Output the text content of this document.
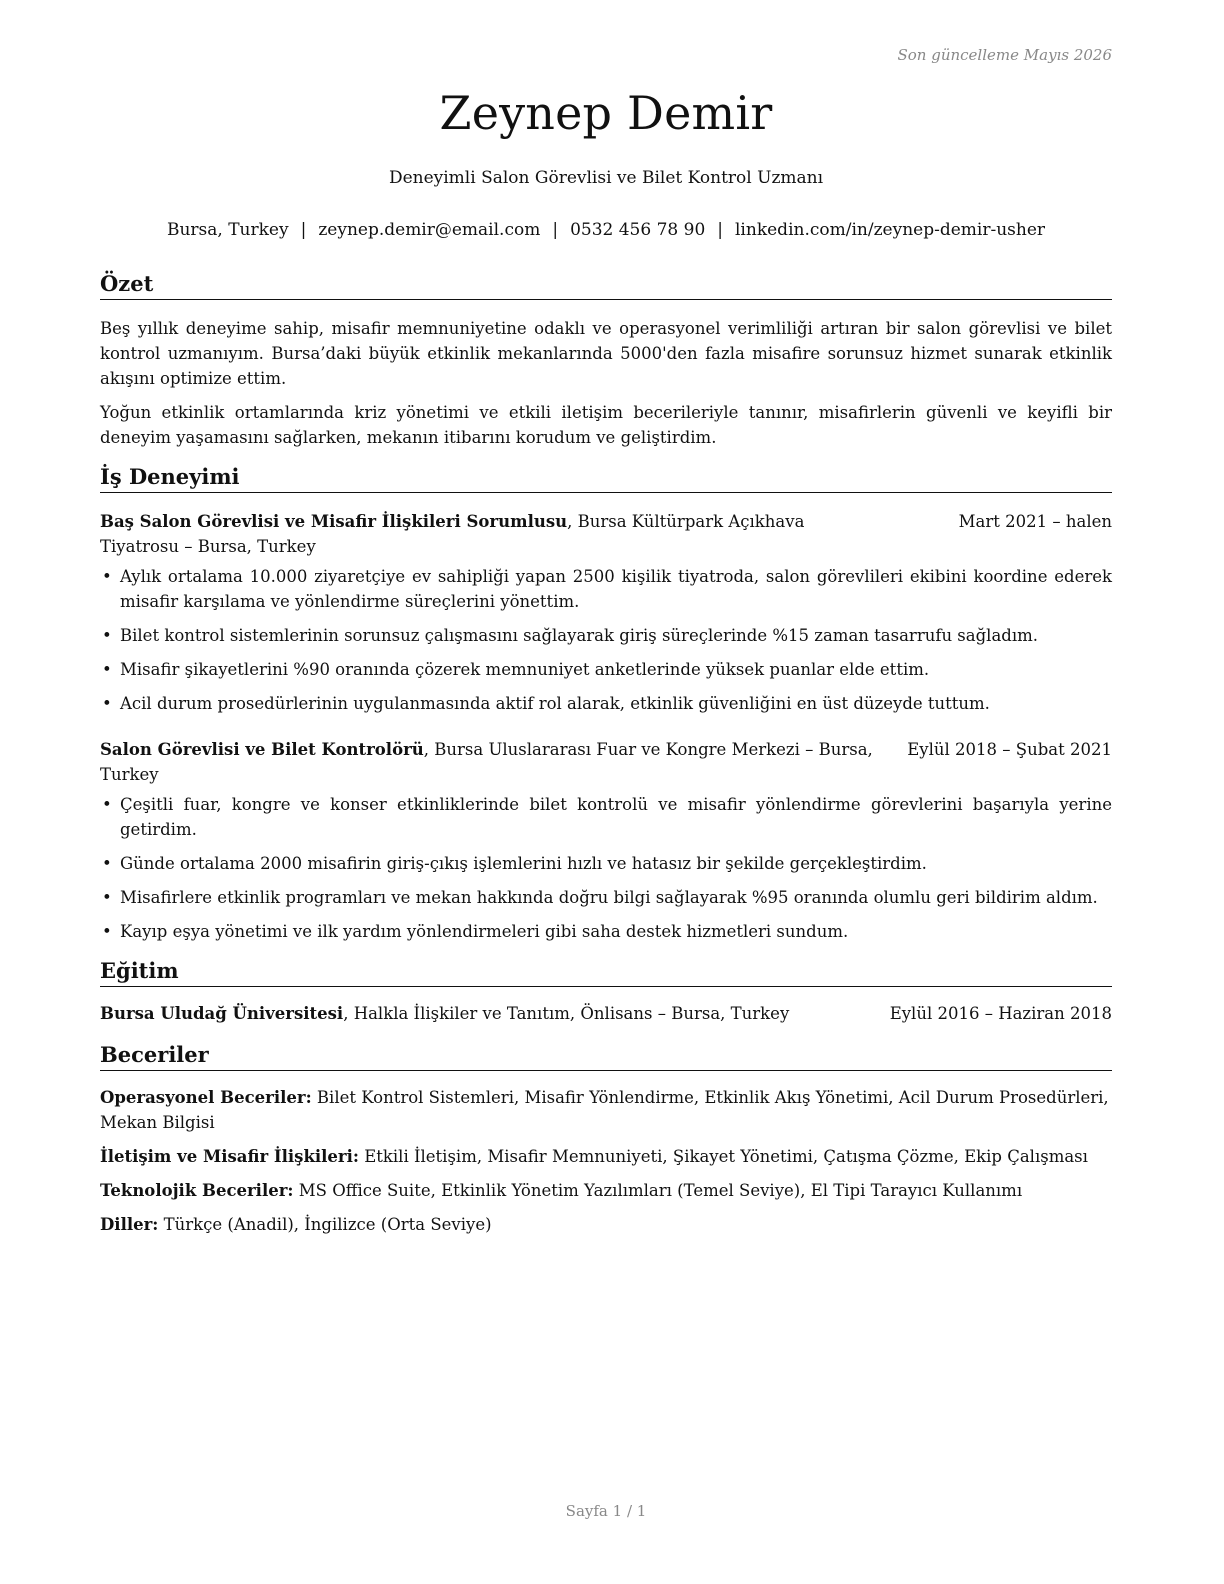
Son güncelleme Mayıs 2026
Zeynep Demir
Deneyimli Salon Görevlisi ve Bilet Kontrol Uzmanı
Bursa, Turkey | zeynep.demir@email.com | 0532 456 78 90 | linkedin.com/in/zeynep-demir-usher
Özet

Beş yıllık deneyime sahip, misafir memnuniyetine odaklı ve operasyonel verimliliği artıran bir salon görevlisi ve bilet kontrol uzmanıyım. Bursa’daki büyük etkinlik mekanlarında 5000'den fazla misafire sorunsuz hizmet sunarak etkinlik akışını optimize ettim.

Yoğun etkinlik ortamlarında kriz yönetimi ve etkili iletişim becerileriyle tanınır, misafirlerin güvenli ve keyifli bir deneyim yaşamasını sağlarken, mekanın itibarını korudum ve geliştirdim.

İş Deneyimi
Baş Salon Görevlisi ve Misafir İlişkileri Sorumlusu, Bursa Kültürpark Açıkhava Tiyatrosu – Bursa, Turkey
Mart 2021 – halen
• Aylık ortalama 10.000 ziyaretçiye ev sahipliği yapan 2500 kişilik tiyatroda, salon görevlileri ekibini koordine ederek misafir karşılama ve yönlendirme süreçlerini yönettim.
• Bilet kontrol sistemlerinin sorunsuz çalışmasını sağlayarak giriş süreçlerinde %15 zaman tasarrufu sağladım.
• Misafir şikayetlerini %90 oranında çözerek memnuniyet anketlerinde yüksek puanlar elde ettim.
• Acil durum prosedürlerinin uygulanmasında aktif rol alarak, etkinlik güvenliğini en üst düzeyde tuttum.
Salon Görevlisi ve Bilet Kontrolörü, Bursa Uluslararası Fuar ve Kongre Merkezi – Bursa, Turkey
Eylül 2018 – Şubat 2021
• Çeşitli fuar, kongre ve konser etkinliklerinde bilet kontrolü ve misafir yönlendirme görevlerini başarıyla yerine getirdim.
• Günde ortalama 2000 misafirin giriş-çıkış işlemlerini hızlı ve hatasız bir şekilde gerçekleştirdim.
• Misafirlere etkinlik programları ve mekan hakkında doğru bilgi sağlayarak %95 oranında olumlu geri bildirim aldım.
• Kayıp eşya yönetimi ve ilk yardım yönlendirmeleri gibi saha destek hizmetleri sundum.
Eğitim
Bursa Uludağ Üniversitesi, Halkla İlişkiler ve Tanıtım, Önlisans – Bursa, Turkey	Eylül 2016 – Haziran 2018
Beceriler

Operasyonel Beceriler: Bilet Kontrol Sistemleri, Misafir Yönlendirme, Etkinlik Akış Yönetimi, Acil Durum Prosedürleri, Mekan Bilgisi

İletişim ve Misafir İlişkileri: Etkili İletişim, Misafir Memnuniyeti, Şikayet Yönetimi, Çatışma Çözme, Ekip Çalışması

Teknolojik Beceriler: MS Office Suite, Etkinlik Yönetim Yazılımları (Temel Seviye), El Tipi Tarayıcı Kullanımı

Diller: Türkçe (Anadil), İngilizce (Orta Seviye)

Sayfa 1 / 1
